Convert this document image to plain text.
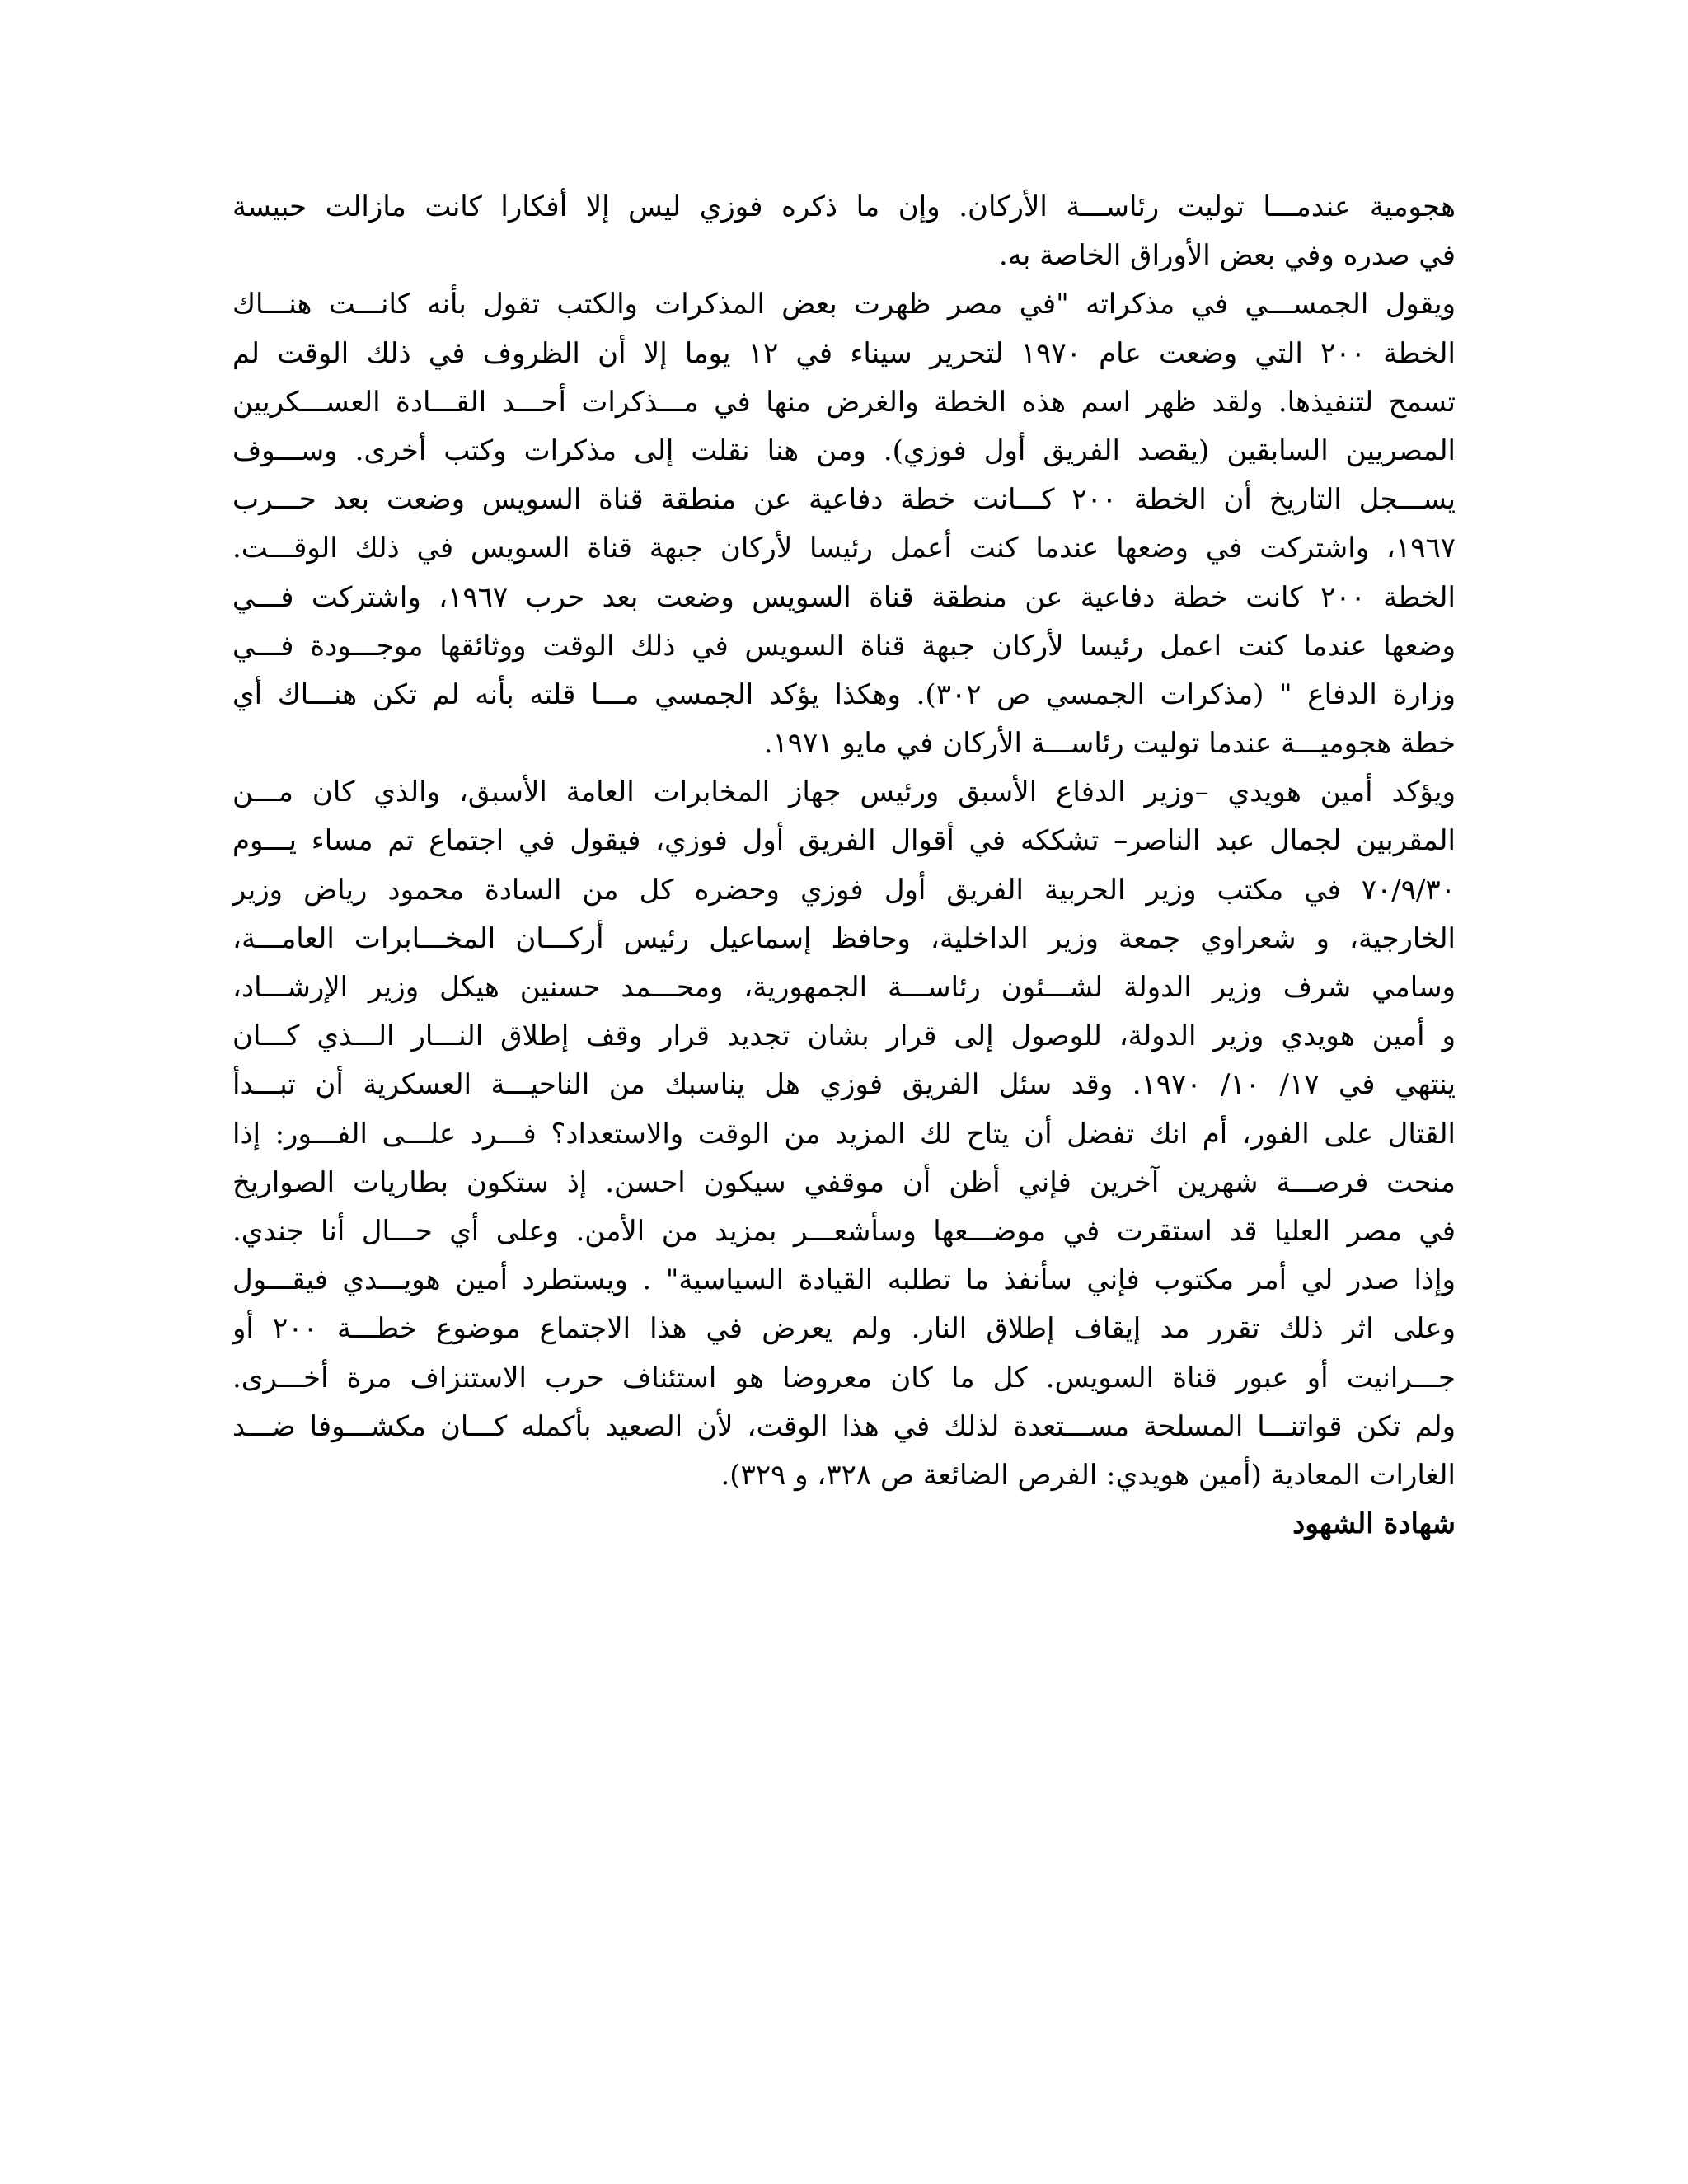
هجومية عندمـــا توليت رئاســـة الأركان. وإن ما ذكره فوزي ليس إلا أفكارا كانت مازالت حبيسة
في صدره وفي بعض الأوراق الخاصة به.
ويقول الجمســـي في مذكراته "في مصر ظهرت بعض المذكرات والكتب تقول بأنه كانـــت هنـــاك
الخطة ٢٠٠ التي وضعت عام ١٩٧٠ لتحرير سيناء في ١٢ يوما إلا أن الظروف في ذلك الوقت لم
تسمح لتنفيذها. ولقد ظهر اسم هذه الخطة والغرض منها في مـــذكرات أحـــد القـــادة العســـكريين
المصريين السابقين (يقصد الفريق أول فوزي). ومن هنا نقلت إلى مذكرات وكتب أخرى. وســـوف
يســـجل التاريخ أن الخطة ٢٠٠ كـــانت خطة دفاعية عن منطقة قناة السويس وضعت بعد حـــرب
١٩٦٧، واشتركت في وضعها عندما كنت أعمل رئيسا لأركان جبهة قناة السويس في ذلك الوقـــت.
الخطة ٢٠٠ كانت خطة دفاعية عن منطقة قناة السويس وضعت بعد حرب ١٩٦٧، واشتركت فـــي
وضعها عندما كنت اعمل رئيسا لأركان جبهة قناة السويس في ذلك الوقت ووثائقها موجـــودة فـــي
وزارة الدفاع " (مذكرات الجمسي ص ٣٠٢). وهكذا يؤكد الجمسي مـــا قلته بأنه لم تكن هنـــاك أي
خطة هجوميـــة عندما توليت رئاســـة الأركان في مايو ١٩٧١.
ويؤكد أمين هويدي –وزير الدفاع الأسبق ورئيس جهاز المخابرات العامة الأسبق، والذي كان مـــن
المقربين لجمال عبد الناصر– تشككه في أقوال الفريق أول فوزي، فيقول في اجتماع تم مساء يـــوم
٧٠/٩/٣٠ في مكتب وزير الحربية الفريق أول فوزي وحضره كل من السادة محمود رياض وزير
الخارجية، و شعراوي جمعة وزير الداخلية، وحافظ إسماعيل رئيس أركـــان المخـــابرات العامـــة،
وسامي شرف وزير الدولة لشـــئون رئاســـة الجمهورية، ومحـــمد حسنين هيكل وزير الإرشـــاد،
و أمين هويدي وزير الدولة، للوصول إلى قرار بشان تجديد قرار وقف إطلاق النـــار الـــذي كـــان
ينتهي في ١٧/ ١٠/ ١٩٧٠. وقد سئل الفريق فوزي هل يناسبك من الناحيـــة العسكرية أن تبـــدأ
القتال على الفور، أم انك تفضل أن يتاح لك المزيد من الوقت والاستعداد؟ فـــرد علـــى الفـــور: إذا
منحت فرصـــة شهرين آخرين فإني أظن أن موقفي سيكون احسن. إذ ستكون بطاريات الصواريخ
في مصر العليا قد استقرت في موضـــعها وسأشعـــر بمزيد من الأمن. وعلى أي حـــال أنا جندي.
وإذا صدر لي أمر مكتوب فإني سأنفذ ما تطلبه القيادة السياسية" . ويستطرد أمين هويـــدي فيقـــول
وعلى اثر ذلك تقرر مد إيقاف إطلاق النار. ولم يعرض في هذا الاجتماع موضوع خطـــة ٢٠٠ أو
جـــرانيت أو عبور قناة السويس. كل ما كان معروضا هو استئناف حرب الاستنزاف مرة أخـــرى.
ولم تكن قواتنـــا المسلحة مســـتعدة لذلك في هذا الوقت، لأن الصعيد بأكمله كـــان مكشـــوفا ضـــد
الغارات المعادية (أمين هويدي: الفرص الضائعة ص ٣٢٨، و ٣٢٩).
شهادة الشهود
